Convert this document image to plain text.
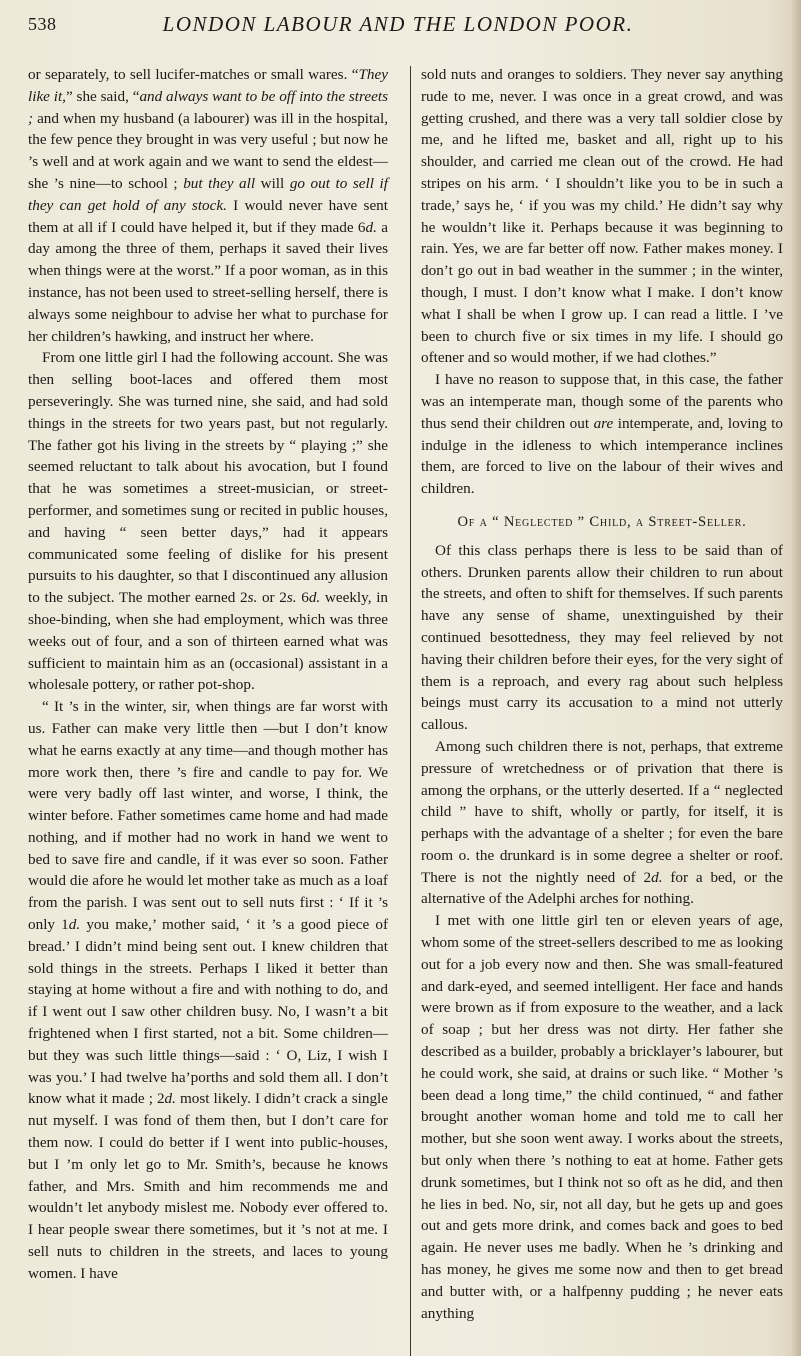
538	LONDON LABOUR AND THE LONDON POOR.

or separately, to sell lucifer-matches or small wares. “They like it,” she said, “and always want to be off into the streets ; and when my husband (a labourer) was ill in the hospital, the few pence they brought in was very useful ; but now he ’s well and at work again and we want to send the eldest—she ’s nine—to school ; but they all will go out to sell if they can get hold of any stock. I would never have sent them at all if I could have helped it, but if they made 6d. a day among the three of them, perhaps it saved their lives when things were at the worst.” If a poor woman, as in this instance, has not been used to street-selling herself, there is always some neighbour to advise her what to purchase for her children’s hawking, and instruct her where.

From one little girl I had the following account. She was then selling boot-laces and offered them most perseveringly. She was turned nine, she said, and had sold things in the streets for two years past, but not regularly. The father got his living in the streets by “ playing ;” she seemed reluctant to talk about his avocation, but I found that he was sometimes a street-musician, or street-performer, and sometimes sung or recited in public houses, and having “ seen better days,” had it appears communicated some feeling of dislike for his present pursuits to his daughter, so that I discontinued any allusion to the subject. The mother earned 2s. or 2s. 6d. weekly, in shoe-binding, when she had employment, which was three weeks out of four, and a son of thirteen earned what was sufficient to maintain him as an (occasional) assistant in a wholesale pottery, or rather pot-shop.

“ It ’s in the winter, sir, when things are far worst with us. Father can make very little then —but I don’t know what he earns exactly at any time—and though mother has more work then, there ’s fire and candle to pay for. We were very badly off last winter, and worse, I think, the winter before. Father sometimes came home and had made nothing, and if mother had no work in hand we went to bed to save fire and candle, if it was ever so soon. Father would die afore he would let mother take as much as a loaf from the parish. I was sent out to sell nuts first : ‘ If it ’s only 1d. you make,’ mother said, ‘ it ’s a good piece of bread.’ I didn’t mind being sent out. I knew children that sold things in the streets. Perhaps I liked it better than staying at home without a fire and with nothing to do, and if I went out I saw other children busy. No, I wasn’t a bit frightened when I first started, not a bit. Some children—but they was such little things—said : ‘ O, Liz, I wish I was you.’ I had twelve ha’porths and sold them all. I don’t know what it made ; 2d. most likely. I didn’t crack a single nut myself. I was fond of them then, but I don’t care for them now. I could do better if I went into public-houses, but I ’m only let go to Mr. Smith’s, because he knows father, and Mrs. Smith and him recommends me and wouldn’t let anybody mislest me. Nobody ever offered to. I hear people swear there sometimes, but it ’s not at me. I sell nuts to children in the streets, and laces to young women. I have

sold nuts and oranges to soldiers. They never say anything rude to me, never. I was once in a great crowd, and was getting crushed, and there was a very tall soldier close by me, and he lifted me, basket and all, right up to his shoulder, and carried me clean out of the crowd. He had stripes on his arm. ‘ I shouldn’t like you to be in such a trade,’ says he, ‘ if you was my child.’ He didn’t say why he wouldn’t like it. Perhaps because it was beginning to rain. Yes, we are far better off now. Father makes money. I don’t go out in bad weather in the summer ; in the winter, though, I must. I don’t know what I make. I don’t know what I shall be when I grow up. I can read a little. I ’ve been to church five or six times in my life. I should go oftener and so would mother, if we had clothes.”

I have no reason to suppose that, in this case, the father was an intemperate man, though some of the parents who thus send their children out are intemperate, and, loving to indulge in the idleness to which intemperance inclines them, are forced to live on the labour of their wives and children.

Of a “ Neglected ” Child, a Street-Seller.

Of this class perhaps there is less to be said than of others. Drunken parents allow their children to run about the streets, and often to shift for themselves. If such parents have any sense of shame, unextinguished by their continued besottedness, they may feel relieved by not having their children before their eyes, for the very sight of them is a reproach, and every rag about such helpless beings must carry its accusation to a mind not utterly callous.

Among such children there is not, perhaps, that extreme pressure of wretchedness or of privation that there is among the orphans, or the utterly deserted. If a “ neglected child ” have to shift, wholly or partly, for itself, it is perhaps with the advantage of a shelter ; for even the bare room o. the drunkard is in some degree a shelter or roof. There is not the nightly need of 2d. for a bed, or the alternative of the Adelphi arches for nothing.

I met with one little girl ten or eleven years of age, whom some of the street-sellers described to me as looking out for a job every now and then. She was small-featured and dark-eyed, and seemed intelligent. Her face and hands were brown as if from exposure to the weather, and a lack of soap ; but her dress was not dirty. Her father she described as a builder, probably a bricklayer’s labourer, but he could work, she said, at drains or such like. “ Mother ’s been dead a long time,” the child continued, “ and father brought another woman home and told me to call her mother, but she soon went away. I works about the streets, but only when there ’s nothing to eat at home. Father gets drunk sometimes, but I think not so oft as he did, and then he lies in bed. No, sir, not all day, but he gets up and goes out and gets more drink, and comes back and goes to bed again. He never uses me badly. When he ’s drinking and has money, he gives me some now and then to get bread and butter with, or a halfpenny pudding ; he never eats anything
